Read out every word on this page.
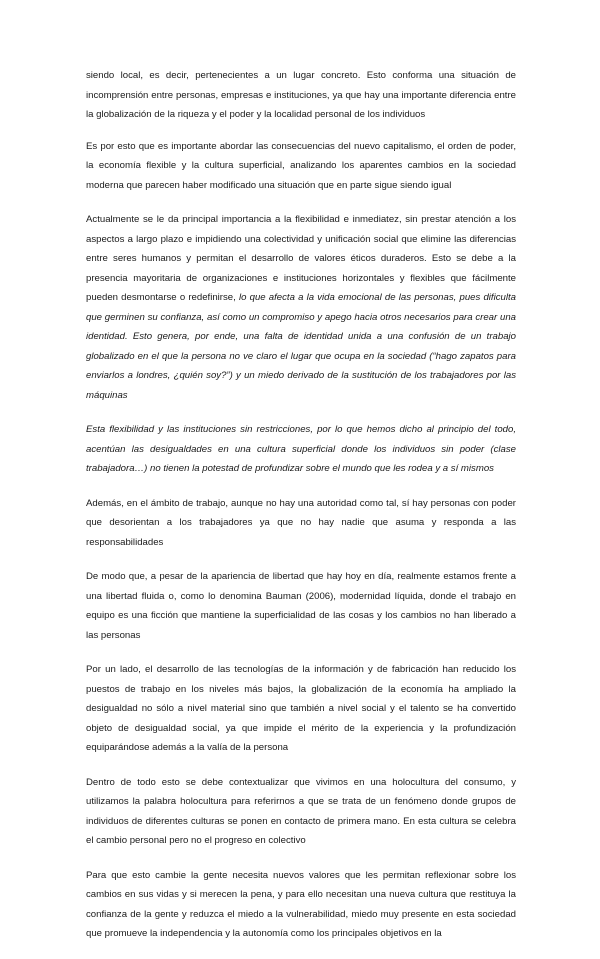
siendo local, es decir, pertenecientes a un lugar concreto. Esto conforma una situación de incomprensión entre personas, empresas e instituciones, ya que hay una importante diferencia entre la globalización de la riqueza y el poder y la localidad personal de los individuos

Es por esto que es importante abordar las consecuencias del nuevo capitalismo, el orden de poder, la economía flexible y la cultura superficial, analizando los aparentes cambios en la sociedad moderna que parecen haber modificado una situación que en parte sigue siendo igual

Actualmente se le da principal importancia a la flexibilidad e inmediatez, sin prestar atención a los aspectos a largo plazo e impidiendo una colectividad y unificación social que elimine las diferencias entre seres humanos y permitan el desarrollo de valores éticos duraderos. Esto se debe a la presencia mayoritaria de organizaciones e instituciones horizontales y flexibles que fácilmente pueden desmontarse o redefinirse, lo que afecta a la vida emocional de las personas, pues dificulta que germinen su confianza, así como un compromiso y apego hacia otros necesarios para crear una identidad. Esto genera, por ende, una falta de identidad unida a una confusión de un trabajo globalizado en el que la persona no ve claro el lugar que ocupa en la sociedad (“hago zapatos para enviarlos a londres, ¿quién soy?”) y un miedo derivado de la sustitución de los trabajadores por las máquinas

Esta flexibilidad y las instituciones sin restricciones, por lo que hemos dicho al principio del todo, acentúan las desigualdades en una cultura superficial donde los individuos sin poder (clase trabajadora…) no tienen la potestad de profundizar sobre el mundo que les rodea y a sí mismos

Además, en el ámbito de trabajo, aunque no hay una autoridad como tal, sí hay personas con poder que desorientan a los trabajadores ya que no hay nadie que asuma y responda a las responsabilidades

De modo que, a pesar de la apariencia de libertad que hay hoy en día, realmente estamos frente a una libertad fluida o, como lo denomina Bauman (2006), modernidad líquida, donde el trabajo en equipo es una ficción que mantiene la superficialidad de las cosas y los cambios no han liberado a las personas

Por un lado, el desarrollo de las tecnologías de la información y de fabricación han reducido los puestos de trabajo en los niveles más bajos, la globalización de la economía ha ampliado la desigualdad no sólo a nivel material sino que también a nivel social y el talento se ha convertido objeto de desigualdad social, ya que impide el mérito de la experiencia y la profundización equiparándose además a la valía de la persona

Dentro de todo esto se debe contextualizar que vivimos en una holocultura del consumo, y utilizamos la palabra holocultura para referirnos a que se trata de un fenómeno donde grupos de individuos de diferentes culturas se ponen en contacto de primera mano. En esta cultura se celebra el cambio personal pero no el progreso en colectivo

Para que esto cambie la gente necesita nuevos valores que les permitan reflexionar sobre los cambios en sus vidas y si merecen la pena, y para ello necesitan una nueva cultura que restituya la confianza de la gente y reduzca el miedo a la vulnerabilidad, miedo muy presente en esta sociedad que promueve la independencia y la autonomía como los principales objetivos en la
